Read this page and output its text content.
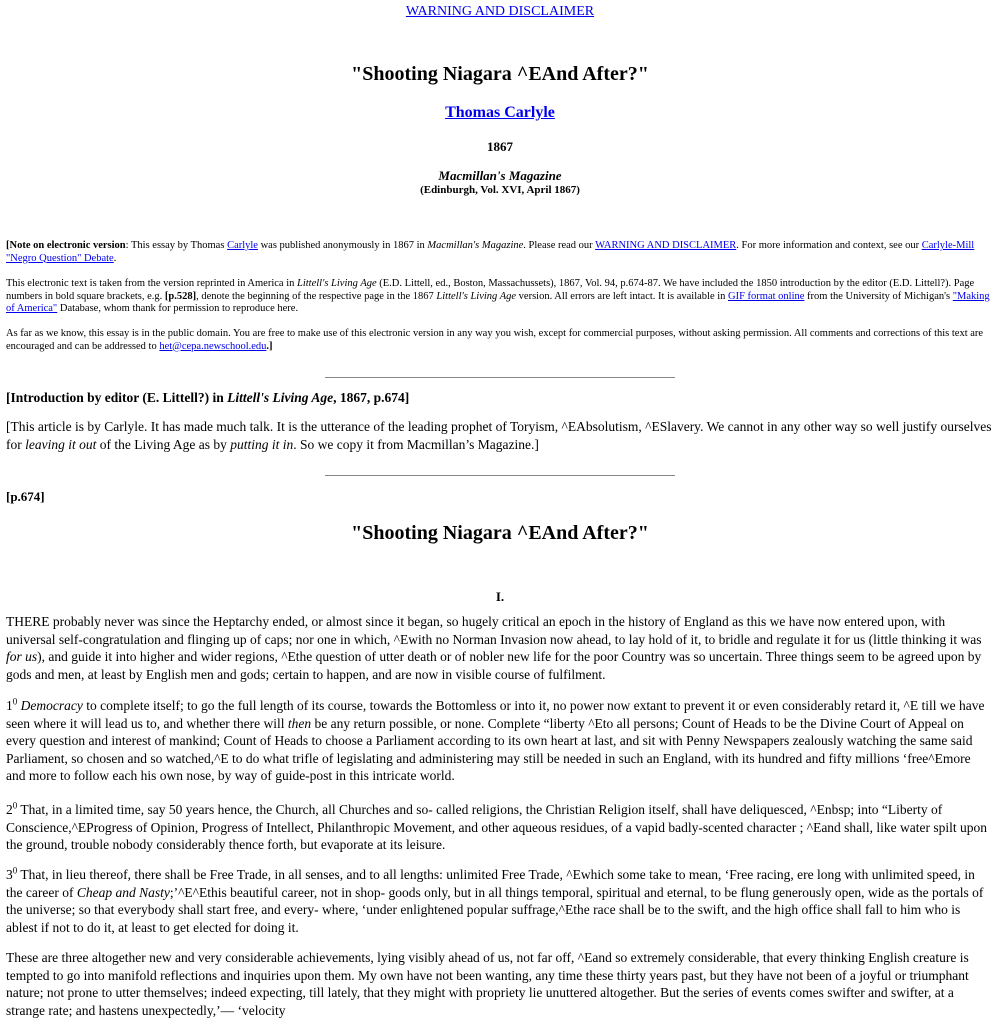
WARNING AND DISCLAIMER
"Shooting Niagara ^EAnd After?"
Thomas Carlyle
1867
Macmillan's Magazine
(Edinburgh, Vol. XVI, April 1867)

[Note on electronic version: This essay by Thomas Carlyle was published anonymously in 1867 in Macmillan's Magazine. Please read our WARNING AND DISCLAIMER. For more information and context, see our Carlyle-Mill "Negro Question" Debate.

This electronic text is taken from the version reprinted in America in Littell's Living Age (E.D. Littell, ed., Boston, Massachussets), 1867, Vol. 94, p.674-87. We have included the 1850 introduction by the editor (E.D. Littell?). Page numbers in bold square brackets, e.g. [p.528], denote the beginning of the respective page in the 1867 Littell's Living Age version. All errors are left intact. It is available in GIF format online from the University of Michigan's "Making of America" Database, whom thank for permission to reproduce here.

As far as we know, this essay is in the public domain. You are free to make use of this electronic version in any way you wish, except for commercial purposes, without asking permission. All comments and corrections of this text are encouraged and can be addressed to het@cepa.newschool.edu.]

[Introduction by editor (E. Littell?) in Littell's Living Age, 1867, p.674]

[This article is by Carlyle. It has made much talk. It is the utterance of the leading prophet of Toryism, ^EAbsolutism, ^ESlavery. We cannot in any other way so well justify ourselves for leaving it out of the Living Age as by putting it in. So we copy it from Macmillan’s Magazine.]

[p.674]
"Shooting Niagara ^EAnd After?"
I.

THERE probably never was since the Heptarchy ended, or almost since it began, so hugely critical an epoch in the history of England as this we have now entered upon, with universal self-congratulation and flinging up of caps; nor one in which, ^Ewith no Norman Invasion now ahead, to lay hold of it, to bridle and regulate it for us (little thinking it was for us), and guide it into higher and wider regions, ^Ethe question of utter death or of nobler new life for the poor Country was so uncertain. Three things seem to be agreed upon by gods and men, at least by English men and gods; certain to happen, and are now in visible course of fulfilment.

$1^0$ Democracy to complete itself; to go the full length of its course, towards the Bottomless or into it, no power now extant to prevent it or even considerably retard it, ^E till we have seen where it will lead us to, and whether there will then be any return possible, or none. Complete “liberty ^Eto all persons; Count of Heads to be the Divine Court of Appeal on every question and interest of mankind; Count of Heads to choose a Parliament according to its own heart at last, and sit with Penny Newspapers zealously watching the same said Parliament, so chosen and so watched,^E to do what trifle of legislating and administering may still be needed in such an England, with its hundred and fifty millions ‘free^Emore and more to follow each his own nose, by way of guide-post in this intricate world.

$2^0$ That, in a limited time, say 50 years hence, the Church, all Churches and so- called religions, the Christian Religion itself, shall have deliquesced, ^Enbsp; into “Liberty of Conscience,^EProgress of Opinion, Progress of Intellect, Philanthropic Movement, and other aqueous residues, of a vapid badly-scented character ; ^Eand shall, like water spilt upon the ground, trouble nobody considerably thence forth, but evaporate at its leisure.

$3^0$ That, in lieu thereof, there shall be Free Trade, in all senses, and to all lengths: unlimited Free Trade, ^Ewhich some take to mean, ‘Free racing, ere long with unlimited speed, in the career of Cheap and Nasty;’^E^Ethis beautiful career, not in shop- goods only, but in all things temporal, spiritual and eternal, to be flung generously open, wide as the portals of the universe; so that everybody shall start free, and every- where, ‘under enlightened popular suffrage,^Ethe race shall be to the swift, and the high office shall fall to him who is ablest if not to do it, at least to get elected for doing it.

These are three altogether new and very considerable achievements, lying visibly ahead of us, not far off, ^Eand so extremely considerable, that every thinking English creature is tempted to go into manifold reflections and inquiries upon them. My own have not been wanting, any time these thirty years past, but they have not been of a joyful or triumphant nature; not prone to utter themselves; indeed expecting, till lately, that they might with propriety lie unuttered altogether. But the series of events comes swifter and swifter, at a strange rate; and hastens unexpectedly,’— ‘velocity
